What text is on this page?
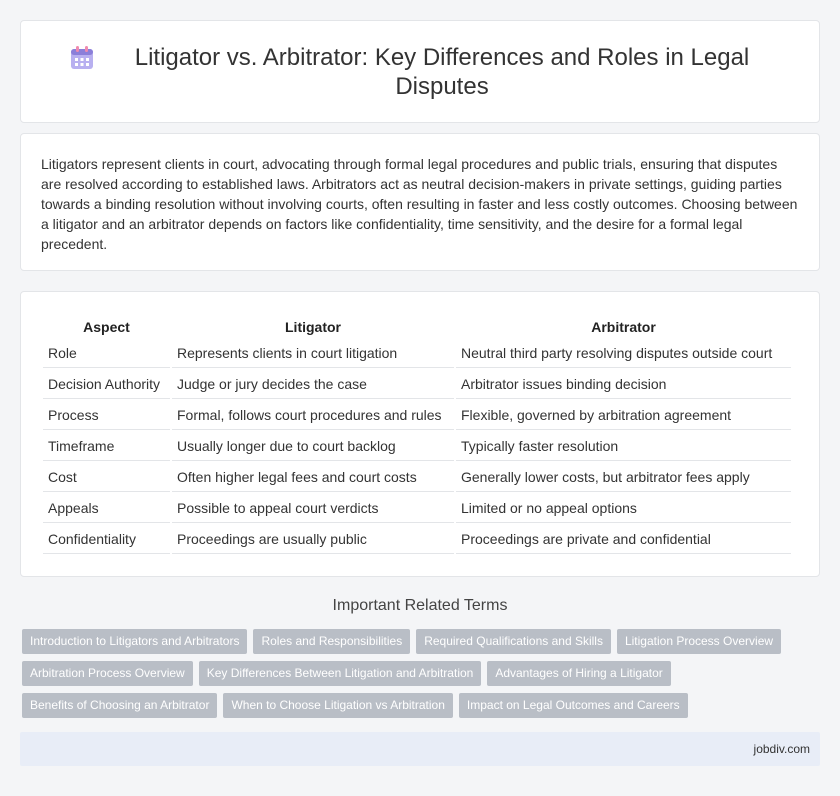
Litigator vs. Arbitrator: Key Differences and Roles in Legal Disputes

Litigators represent clients in court, advocating through formal legal procedures and public trials, ensuring that disputes are resolved according to established laws. Arbitrators act as neutral decision-makers in private settings, guiding parties towards a binding resolution without involving courts, often resulting in faster and less costly outcomes. Choosing between a litigator and an arbitrator depends on factors like confidentiality, time sensitivity, and the desire for a formal legal precedent.

Aspect	Litigator	Arbitrator
Role	Represents clients in court litigation	Neutral third party resolving disputes outside court
Decision Authority	Judge or jury decides the case	Arbitrator issues binding decision
Process	Formal, follows court procedures and rules	Flexible, governed by arbitration agreement
Timeframe	Usually longer due to court backlog	Typically faster resolution
Cost	Often higher legal fees and court costs	Generally lower costs, but arbitrator fees apply
Appeals	Possible to appeal court verdicts	Limited or no appeal options
Confidentiality	Proceedings are usually public	Proceedings are private and confidential
Important Related Terms
Introduction to Litigators and Arbitrators	Roles and Responsibilities	Required Qualifications and Skills	Litigation Process Overview
Arbitration Process Overview	Key Differences Between Litigation and Arbitration	Advantages of Hiring a Litigator
Benefits of Choosing an Arbitrator	When to Choose Litigation vs Arbitration	Impact on Legal Outcomes and Careers
jobdiv.com
